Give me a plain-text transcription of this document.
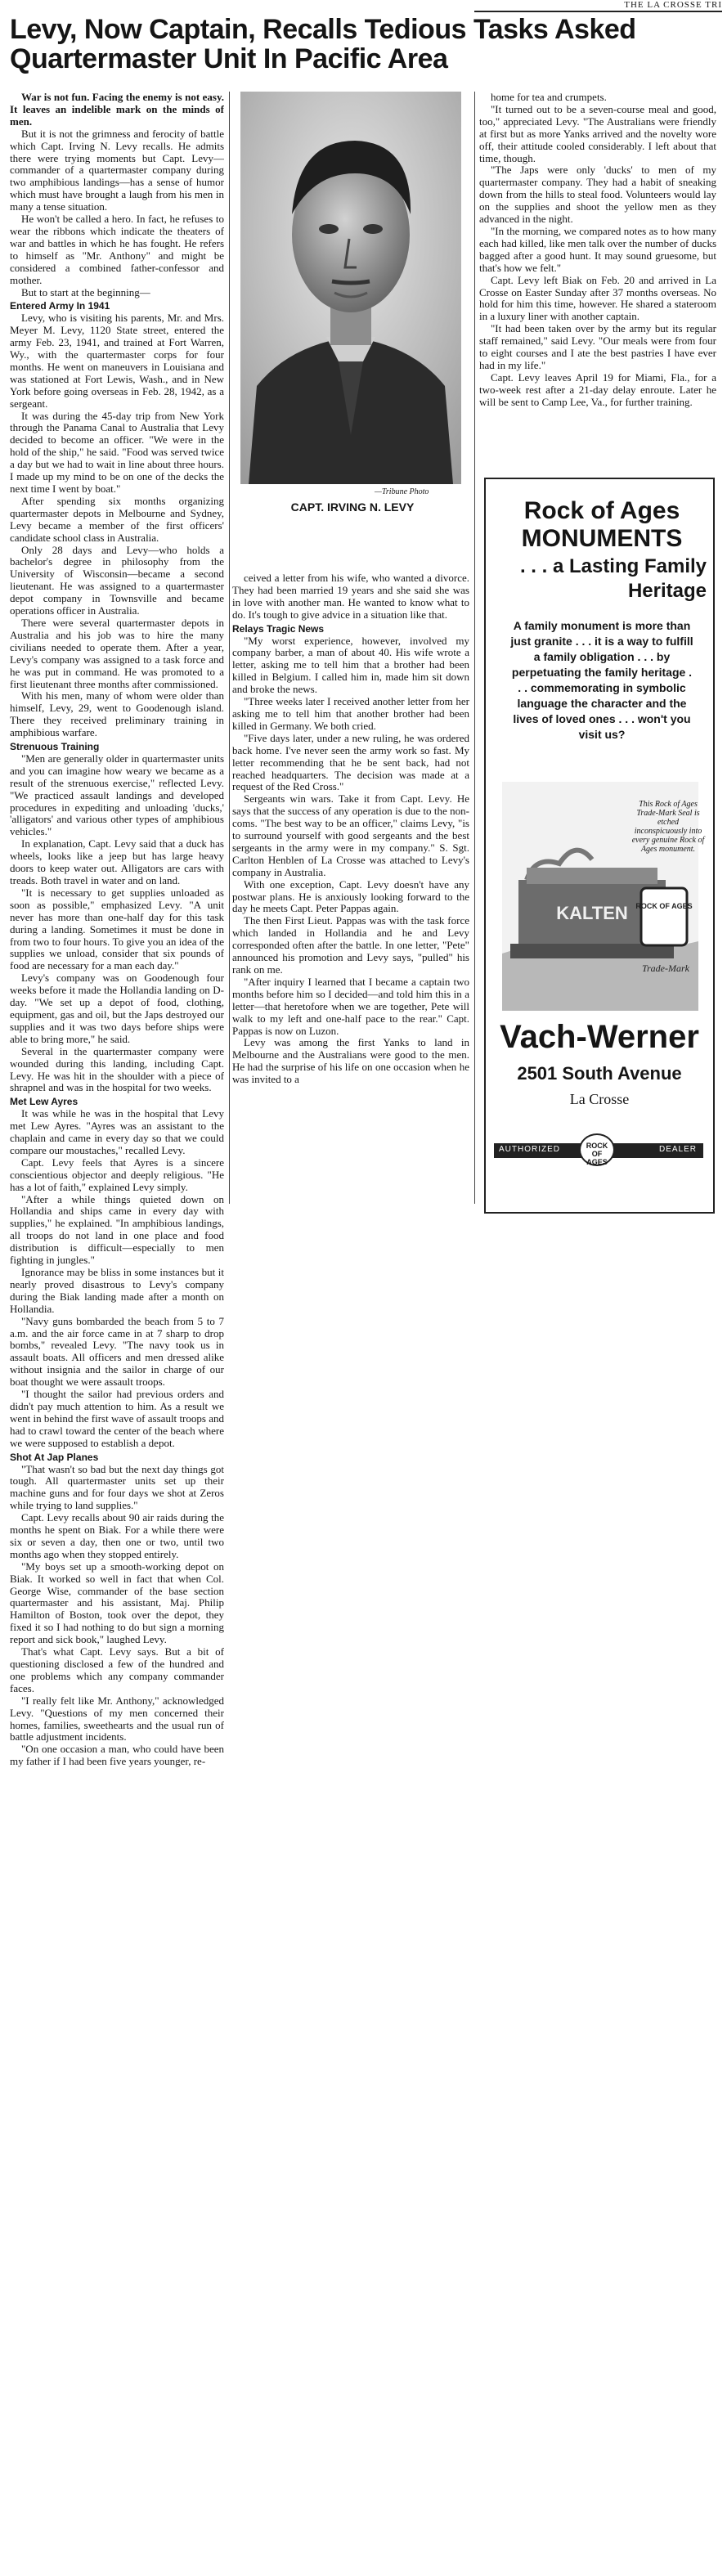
THE LA CROSSE TRI
Levy, Now Captain, Recalls Tedious Tasks Asked Quartermaster Unit In Pacific Area

War is not fun. Facing the enemy is not easy. It leaves an indelible mark on the minds of men.

But it is not the grimness and ferocity of battle which Capt. Irving N. Levy recalls. He admits there were trying moments but Capt. Levy—commander of a quartermaster company during two amphibious landings—has a sense of humor which must have brought a laugh from his men in many a tense situation.

He won't be called a hero. In fact, he refuses to wear the ribbons which indicate the theaters of war and battles in which he has fought. He refers to himself as "Mr. Anthony" and might be considered a combined father-confessor and mother.

But to start at the beginning—

Entered Army In 1941

Levy, who is visiting his parents, Mr. and Mrs. Meyer M. Levy, 1120 State street, entered the army Feb. 23, 1941, and trained at Fort Warren, Wy., with the quartermaster corps for four months. He went on maneuvers in Louisiana and was stationed at Fort Lewis, Wash., and in New York before going overseas in Feb. 28, 1942, as a sergeant.

It was during the 45-day trip from New York through the Panama Canal to Australia that Levy decided to become an officer. "We were in the hold of the ship," he said. "Food was served twice a day but we had to wait in line about three hours. I made up my mind to be on one of the decks the next time I went by boat."

After spending six months organizing quartermaster depots in Melbourne and Sydney, Levy became a member of the first officers' candidate school class in Australia.

Only 28 days and Levy—who holds a bachelor's degree in philosophy from the University of Wisconsin—became a second lieutenant. He was assigned to a quartermaster depot company in Townsville and became operations officer in Australia.

There were several quartermaster depots in Australia and his job was to hire the many civilians needed to operate them. After a year, Levy's company was assigned to a task force and he was put in command. He was promoted to a first lieutenant three months after commissioned.

With his men, many of whom were older than himself, Levy, 29, went to Goodenough island. There they received preliminary training in amphibious warfare.

Strenuous Training

"Men are generally older in quartermaster units and you can imagine how weary we became as a result of the strenuous exercise," reflected Levy. "We practiced assault landings and developed procedures in expediting and unloading 'ducks,' 'alligators' and various other types of amphibious vehicles."

In explanation, Capt. Levy said that a duck has wheels, looks like a jeep but has large heavy doors to keep water out. Alligators are cars with treads. Both travel in water and on land.

"It is necessary to get supplies unloaded as soon as possible," emphasized Levy. "A unit never has more than one-half day for this task during a landing. Sometimes it must be done in from two to four hours. To give you an idea of the supplies we unload, consider that six pounds of food are necessary for a man each day."

Levy's company was on Goodenough four weeks before it made the Hollandia landing on D-day. "We set up a depot of food, clothing, equipment, gas and oil, but the Japs destroyed our supplies and it was two days before ships were able to bring more," he said.

Several in the quartermaster company were wounded during this landing, including Capt. Levy. He was hit in the shoulder with a piece of shrapnel and was in the hospital for two weeks.

Met Lew Ayres

It was while he was in the hospital that Levy met Lew Ayres. "Ayres was an assistant to the chaplain and came in every day so that we could compare our moustaches," recalled Levy.

Capt. Levy feels that Ayres is a sincere conscientious objector and deeply religious. "He has a lot of faith," explained Levy simply.

"After a while things quieted down on Hollandia and ships came in every day with supplies," he explained. "In amphibious landings, all troops do not land in one place and food distribution is difficult—especially to men fighting in jungles."

Ignorance may be bliss in some instances but it nearly proved disastrous to Levy's company during the Biak landing made after a month on Hollandia.

"Navy guns bombarded the beach from 5 to 7 a.m. and the air force came in at 7 sharp to drop bombs," revealed Levy. "The navy took us in assault boats. All officers and men dressed alike without insignia and the sailor in charge of our boat thought we were assault troops.

"I thought the sailor had previous orders and didn't pay much attention to him. As a result we went in behind the first wave of assault troops and had to crawl toward the center of the beach where we were supposed to establish a depot.

Shot At Jap Planes

"That wasn't so bad but the next day things got tough. All quartermaster units set up their machine guns and for four days we shot at Zeros while trying to land supplies."

Capt. Levy recalls about 90 air raids during the months he spent on Biak. For a while there were six or seven a day, then one or two, until two months ago when they stopped entirely.

"My boys set up a smooth-working depot on Biak. It worked so well in fact that when Col. George Wise, commander of the base section quartermaster and his assistant, Maj. Philip Hamilton of Boston, took over the depot, they fixed it so I had nothing to do but sign a morning report and sick book," laughed Levy.

That's what Capt. Levy says. But a bit of questioning disclosed a few of the hundred and one problems which any company commander faces.

"I really felt like Mr. Anthony," acknowledged Levy. "Questions of my men concerned their homes, families, sweethearts and the usual run of battle adjustment incidents.

"On one occasion a man, who could have been my father if I had been five years younger, re-

—Tribune Photo
CAPT. IRVING N. LEVY

ceived a letter from his wife, who wanted a divorce. They had been married 19 years and she said she was in love with another man. He wanted to know what to do. It's tough to give advice in a situation like that.

Relays Tragic News

"My worst experience, however, involved my company barber, a man of about 40. His wife wrote a letter, asking me to tell him that a brother had been killed in Belgium. I called him in, made him sit down and broke the news.

"Three weeks later I received another letter from her asking me to tell him that another brother had been killed in Germany. We both cried.

"Five days later, under a new ruling, he was ordered back home. I've never seen the army work so fast. My letter recommending that he be sent back, had not reached headquarters. The decision was made at a request of the Red Cross."

Sergeants win wars. Take it from Capt. Levy. He says that the success of any operation is due to the non-coms. "The best way to be an officer," claims Levy, "is to surround yourself with good sergeants and the best sergeants in the army were in my company." S. Sgt. Carlton Henblen of La Crosse was attached to Levy's company in Australia.

With one exception, Capt. Levy doesn't have any postwar plans. He is anxiously looking forward to the day he meets Capt. Peter Pappas again.

The then First Lieut. Pappas was with the task force which landed in Hollandia and he and Levy corresponded often after the battle. In one letter, "Pete" announced his promotion and Levy says, "pulled" his rank on me.

"After inquiry I learned that I became a captain two months before him so I decided—and told him this in a letter—that heretofore when we are together, Pete will walk to my left and one-half pace to the rear." Capt. Pappas is now on Luzon.

Levy was among the first Yanks to land in Melbourne and the Australians were good to the men. He had the surprise of his life on one occasion when he was invited to a

home for tea and crumpets.

"It turned out to be a seven-course meal and good, too," appreciated Levy. "The Australians were friendly at first but as more Yanks arrived and the novelty wore off, their attitude cooled considerably. I left about that time, though.

"The Japs were only 'ducks' to men of my quartermaster company. They had a habit of sneaking down from the hills to steal food. Volunteers would lay on the supplies and shoot the yellow men as they advanced in the night.

"In the morning, we compared notes as to how many each had killed, like men talk over the number of ducks bagged after a good hunt. It may sound gruesome, but that's how we felt."

Capt. Levy left Biak on Feb. 20 and arrived in La Crosse on Easter Sunday after 37 months overseas. No hold for him this time, however. He shared a stateroom in a luxury liner with another captain.

"It had been taken over by the army but its regular staff remained," said Levy. "Our meals were from four to eight courses and I ate the best pastries I have ever had in my life."

Capt. Levy leaves April 19 for Miami, Fla., for a two-week rest after a 21-day delay enroute. Later he will be sent to Camp Lee, Va., for further training.

Rock of Ages MONUMENTS
. . . a Lasting Family Heritage
A family monument is more than just granite . . . it is a way to fulfill a family obligation . . . by perpetuating the family heritage . . . commemorating in symbolic language the character and the lives of loved ones . . . won't you visit us?
KALTEN ROCK OF AGES
Trade-Mark
This Rock of Ages Trade-Mark Seal is etched inconspicuously into every genuine Rock of Ages monument.
Vach-Werner
2501 South Avenue
La Crosse
AUTHORIZED	DEALER
ROCK OF AGES
